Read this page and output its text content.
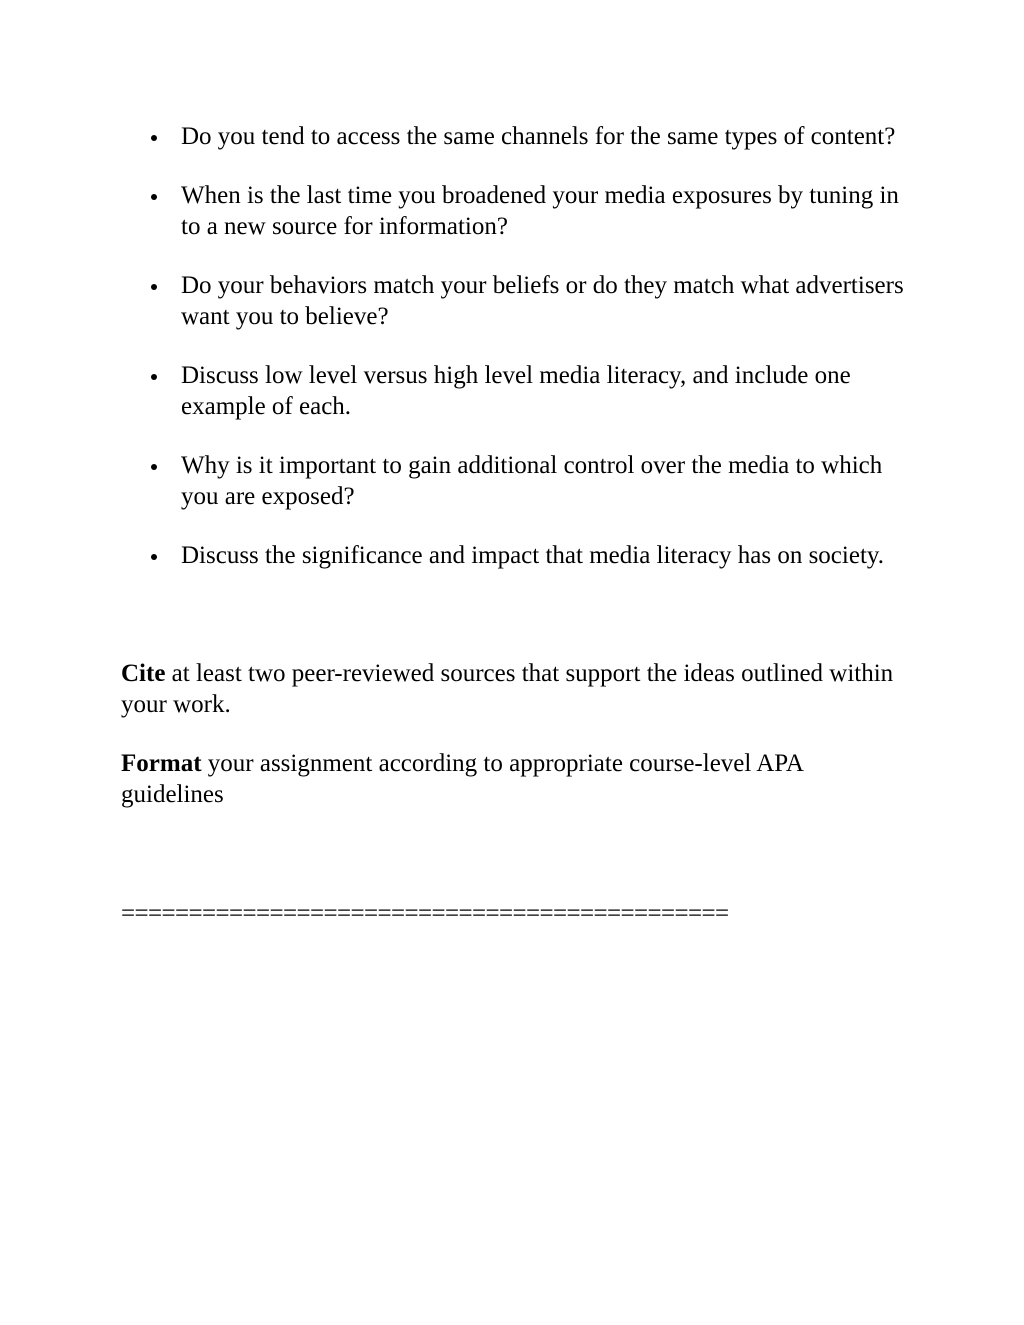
Do you tend to access the same channels for the same types of content?
When is the last time you broadened your media exposures by tuning in to a new source for information?
Do your behaviors match your beliefs or do they match what advertisers want you to believe?
Discuss low level versus high level media literacy, and include one example of each.
Why is it important to gain additional control over the media to which you are exposed?
Discuss the significance and impact that media literacy has on society.

Cite at least two peer-reviewed sources that support the ideas outlined within your work.

Format your assignment according to appropriate course-level APA guidelines

=============================================
